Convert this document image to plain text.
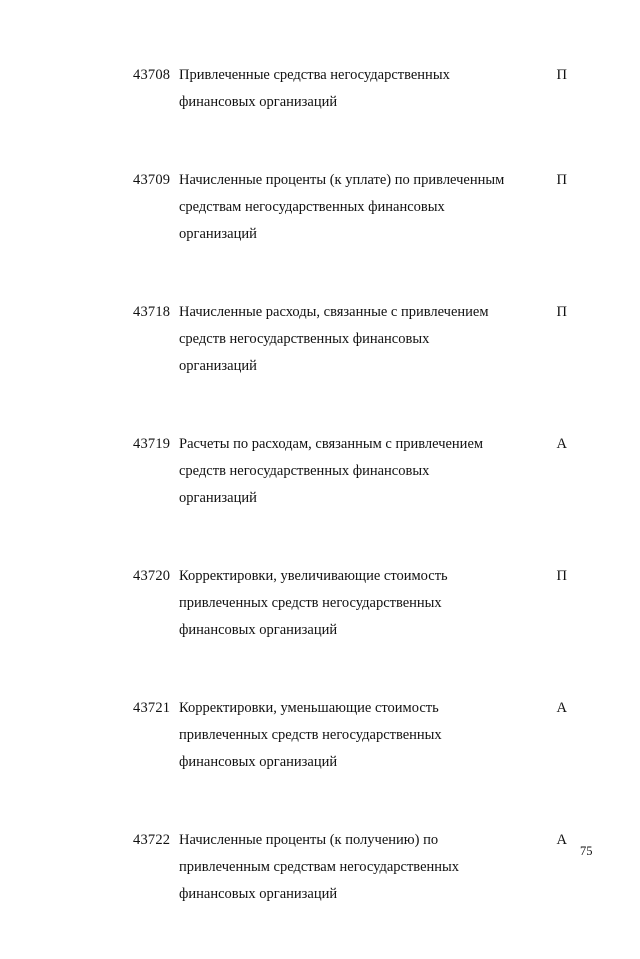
43708 Привлеченные средства негосударственных
финансовых организаций
П
43709 Начисленные проценты (к уплате) по привлеченным
средствам негосударственных финансовых
организаций
П
43718 Начисленные расходы, связанные с привлечением
средств негосударственных финансовых
организаций
П
43719 Расчеты по расходам, связанным с привлечением
средств негосударственных финансовых
организаций
А
43720 Корректировки, увеличивающие стоимость
привлеченных средств негосударственных
финансовых организаций
П
43721 Корректировки, уменьшающие стоимость
привлеченных средств негосударственных
финансовых организаций
А
43722 Начисленные проценты (к получению) по
привлеченным средствам негосударственных
финансовых организаций
А
75
